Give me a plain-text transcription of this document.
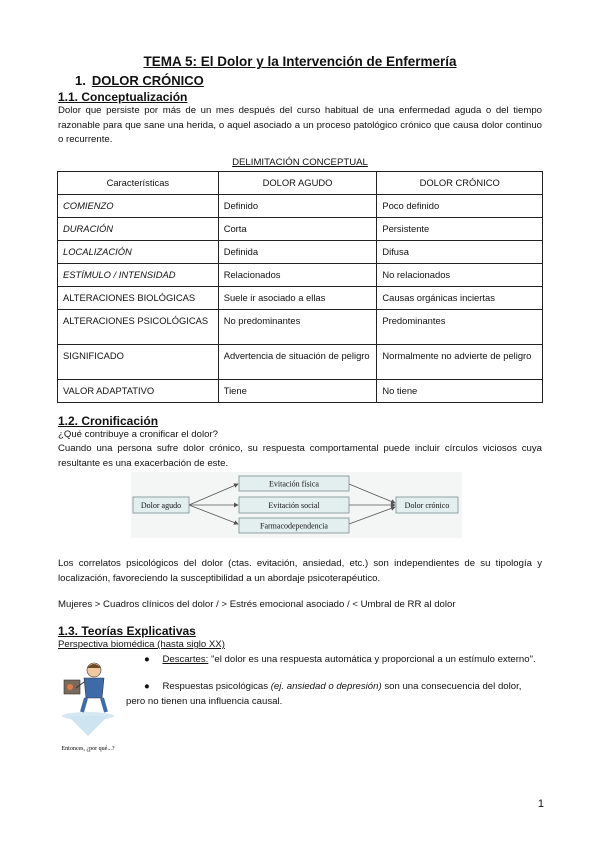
TEMA 5: El Dolor y la Intervención de Enfermería
1. DOLOR CRÓNICO
1.1. Conceptualización
Dolor que persiste por más de un mes después del curso habitual de una enfermedad aguda o del tiempo razonable para que sane una herida, o aquel asociado a un proceso patológico crónico que causa dolor continuo o recurrente.
DELIMITACIÓN CONCEPTUAL
Características	DOLOR AGUDO	DOLOR CRÓNICO
COMIENZO	Definido	Poco definido
DURACIÓN	Corta	Persistente
LOCALIZACIÓN	Definida	Difusa
ESTÍMULO / INTENSIDAD	Relacionados	No relacionados
ALTERACIONES BIOLÓGICAS	Suele ir asociado a ellas	Causas orgánicas inciertas
ALTERACIONES PSICOLÓGICAS	No predominantes	Predominantes
SIGNIFICADO	Advertencia de situación de peligro	Normalmente no advierte de peligro
VALOR ADAPTATIVO	Tiene	No tiene
1.2. Cronificación
¿Qué contribuye a cronificar el dolor?
Cuando una persona sufre dolor crónico, su respuesta comportamental puede incluir círculos viciosos cuya resultante es una exacerbación de este.
Dolor agudo
Evitación física
Evitación social
Farmacodependencia
Dolor crónico
Los correlatos psicológicos del dolor (ctas. evitación, ansiedad, etc.) son independientes de su tipología y localización, favoreciendo la susceptibilidad a un abordaje psicoterapéutico.
Mujeres > Cuadros clínicos del dolor / > Estrés emocional asociado / < Umbral de RR al dolor
1.3. Teorías Explicativas
Perspectiva biomédica (hasta siglo XX)
Entonces, ¿por qué...?
● Descartes: "el dolor es una respuesta automática y proporcional a un estímulo externo".
● Respuestas psicológicas (ej. ansiedad o depresión) son una consecuencia del dolor, pero no tienen una influencia causal.
1
